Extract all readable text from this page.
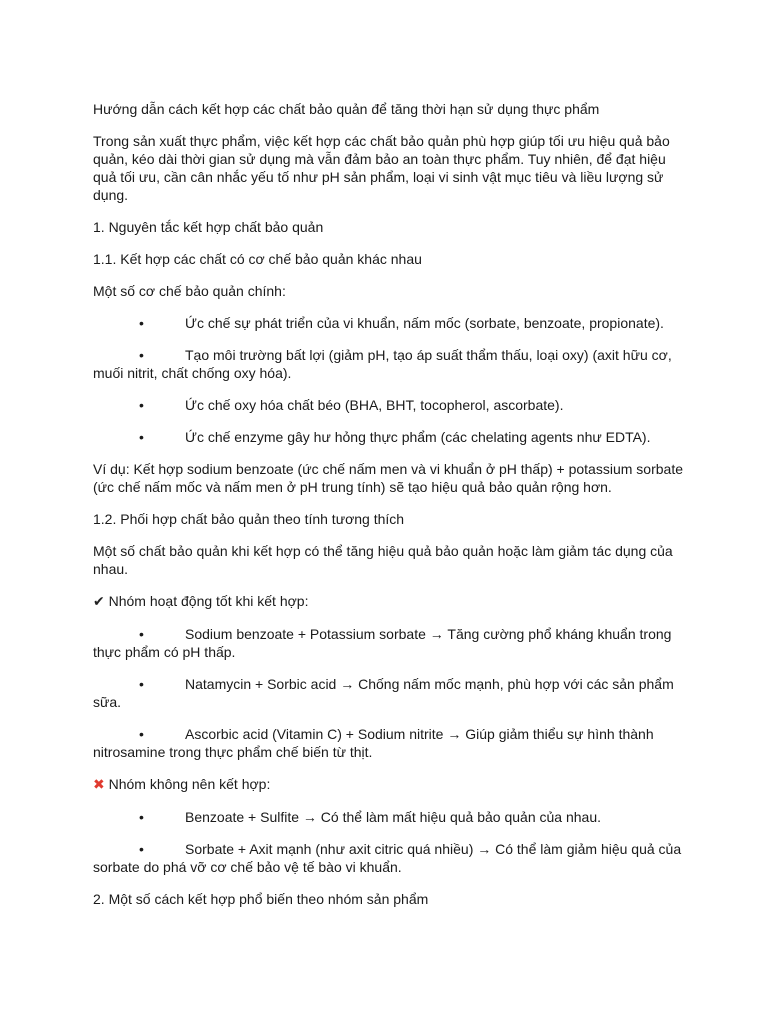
Hướng dẫn cách kết hợp các chất bảo quản để tăng thời hạn sử dụng thực phẩm

Trong sản xuất thực phẩm, việc kết hợp các chất bảo quản phù hợp giúp tối ưu hiệu quả bảo quản, kéo dài thời gian sử dụng mà vẫn đảm bảo an toàn thực phẩm. Tuy nhiên, để đạt hiệu quả tối ưu, cần cân nhắc yếu tố như pH sản phẩm, loại vi sinh vật mục tiêu và liều lượng sử dụng.

1. Nguyên tắc kết hợp chất bảo quản

1.1. Kết hợp các chất có cơ chế bảo quản khác nhau

Một số cơ chế bảo quản chính:

•	Ức chế sự phát triển của vi khuẩn, nấm mốc (sorbate, benzoate, propionate).
•	Tạo môi trường bất lợi (giảm pH, tạo áp suất thẩm thấu, loại oxy) (axit hữu cơ, muối nitrit, chất chống oxy hóa).
•	Ức chế oxy hóa chất béo (BHA, BHT, tocopherol, ascorbate).
•	Ức chế enzyme gây hư hỏng thực phẩm (các chelating agents như EDTA).

Ví dụ: Kết hợp sodium benzoate (ức chế nấm men và vi khuẩn ở pH thấp) + potassium sorbate (ức chế nấm mốc và nấm men ở pH trung tính) sẽ tạo hiệu quả bảo quản rộng hơn.

1.2. Phối hợp chất bảo quản theo tính tương thích

Một số chất bảo quản khi kết hợp có thể tăng hiệu quả bảo quản hoặc làm giảm tác dụng của nhau.

✔ Nhóm hoạt động tốt khi kết hợp:

•	Sodium benzoate + Potassium sorbate → Tăng cường phổ kháng khuẩn trong thực phẩm có pH thấp.
•	Natamycin + Sorbic acid → Chống nấm mốc mạnh, phù hợp với các sản phẩm sữa.
•	Ascorbic acid (Vitamin C) + Sodium nitrite → Giúp giảm thiểu sự hình thành nitrosamine trong thực phẩm chế biến từ thịt.

✖ Nhóm không nên kết hợp:

•	Benzoate + Sulfite → Có thể làm mất hiệu quả bảo quản của nhau.
•	Sorbate + Axit mạnh (như axit citric quá nhiều) → Có thể làm giảm hiệu quả của sorbate do phá vỡ cơ chế bảo vệ tế bào vi khuẩn.

2. Một số cách kết hợp phổ biến theo nhóm sản phẩm
